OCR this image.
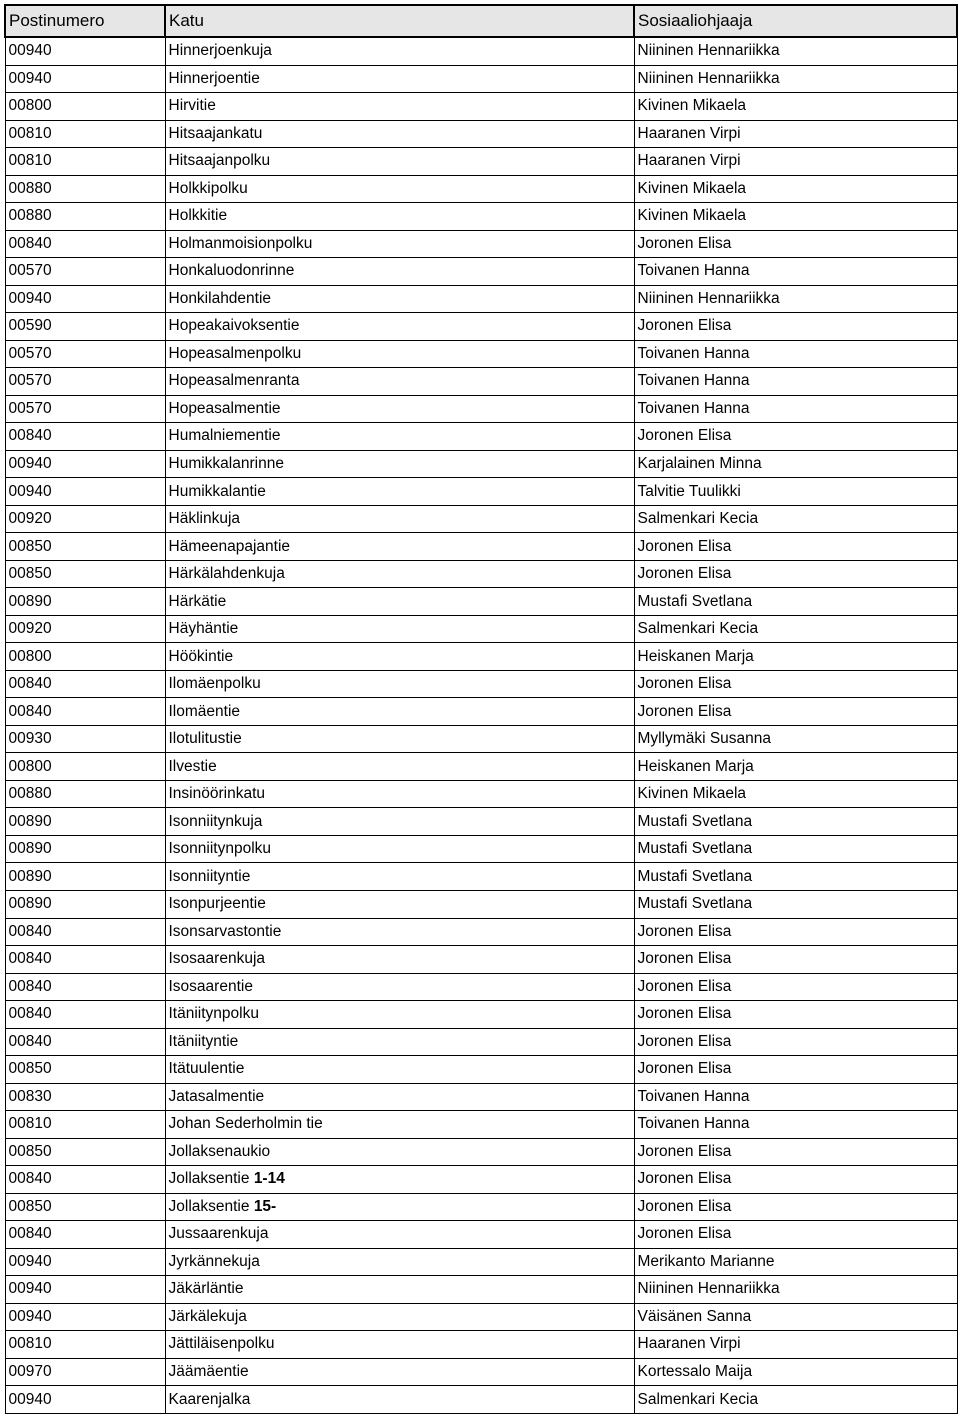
Postinumero	Katu	Sosiaaliohjaaja
00940	Hinnerjoenkuja	Niininen Hennariikka
00940	Hinnerjoentie	Niininen Hennariikka
00800	Hirvitie	Kivinen Mikaela
00810	Hitsaajankatu	Haaranen Virpi
00810	Hitsaajanpolku	Haaranen Virpi
00880	Holkkipolku	Kivinen Mikaela
00880	Holkkitie	Kivinen Mikaela
00840	Holmanmoisionpolku	Joronen Elisa
00570	Honkaluodonrinne	Toivanen Hanna
00940	Honkilahdentie	Niininen Hennariikka
00590	Hopeakaivoksentie	Joronen Elisa
00570	Hopeasalmenpolku	Toivanen Hanna
00570	Hopeasalmenranta	Toivanen Hanna
00570	Hopeasalmentie	Toivanen Hanna
00840	Humalniementie	Joronen Elisa
00940	Humikkalanrinne	Karjalainen Minna
00940	Humikkalantie	Talvitie Tuulikki
00920	Häklinkuja	Salmenkari Kecia
00850	Hämeenapajantie	Joronen Elisa
00850	Härkälahdenkuja	Joronen Elisa
00890	Härkätie	Mustafi Svetlana
00920	Häyhäntie	Salmenkari Kecia
00800	Höökintie	Heiskanen Marja
00840	Ilomäenpolku	Joronen Elisa
00840	Ilomäentie	Joronen Elisa
00930	Ilotulitustie	Myllymäki Susanna
00800	Ilvestie	Heiskanen Marja
00880	Insinöörinkatu	Kivinen Mikaela
00890	Isonniitynkuja	Mustafi Svetlana
00890	Isonniitynpolku	Mustafi Svetlana
00890	Isonniityntie	Mustafi Svetlana
00890	Isonpurjeentie	Mustafi Svetlana
00840	Isonsarvastontie	Joronen Elisa
00840	Isosaarenkuja	Joronen Elisa
00840	Isosaarentie	Joronen Elisa
00840	Itäniitynpolku	Joronen Elisa
00840	Itäniityntie	Joronen Elisa
00850	Itätuulentie	Joronen Elisa
00830	Jatasalmentie	Toivanen Hanna
00810	Johan Sederholmin tie	Toivanen Hanna
00850	Jollaksenaukio	Joronen Elisa
00840	Jollaksentie 1-14	Joronen Elisa
00850	Jollaksentie 15-	Joronen Elisa
00840	Jussaarenkuja	Joronen Elisa
00940	Jyrkännekuja	Merikanto Marianne
00940	Jäkärläntie	Niininen Hennariikka
00940	Järkälekuja	Väisänen Sanna
00810	Jättiläisenpolku	Haaranen Virpi
00970	Jäämäentie	Kortessalo Maija
00940	Kaarenjalka	Salmenkari Kecia
